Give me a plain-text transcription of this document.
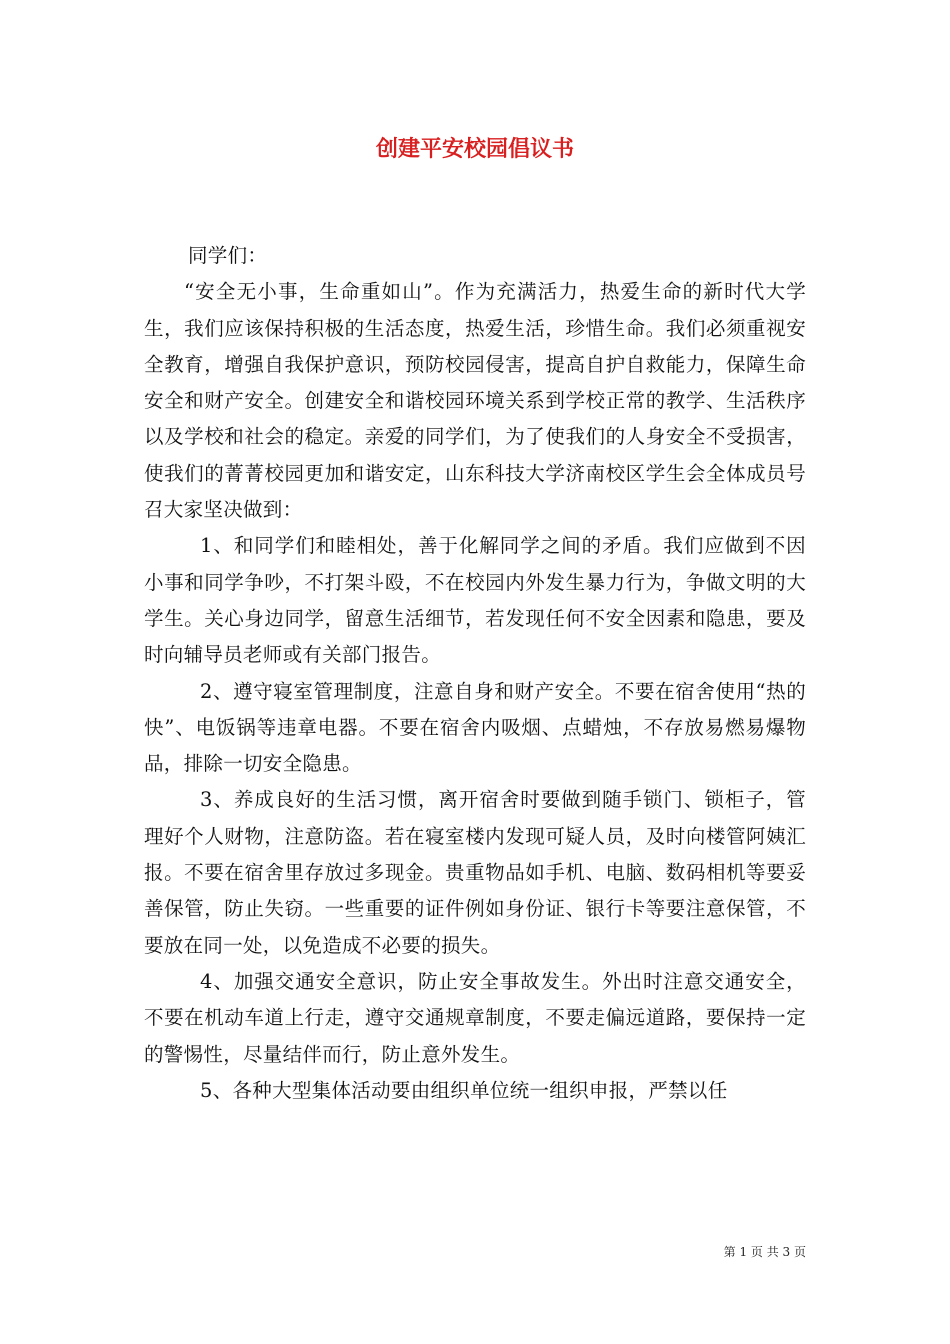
创建平安校园倡议书

同学们：

“安全无小事，生命重如山”。作为充满活力，热爱生命的新时代大学生，我们应该保持积极的生活态度，热爱生活，珍惜生命。我们必须重视安全教育，增强自我保护意识，预防校园侵害，提高自护自救能力，保障生命安全和财产安全。创建安全和谐校园环境关系到学校正常的教学、生活秩序以及学校和社会的稳定。亲爱的同学们，为了使我们的人身安全不受损害，使我们的菁菁校园更加和谐安定，山东科技大学济南校区学生会全体成员号召大家坚决做到：

1、和同学们和睦相处，善于化解同学之间的矛盾。我们应做到不因小事和同学争吵，不打架斗殴，不在校园内外发生暴力行为，争做文明的大学生。关心身边同学，留意生活细节，若发现任何不安全因素和隐患，要及时向辅导员老师或有关部门报告。

2、遵守寝室管理制度，注意自身和财产安全。不要在宿舍使用“热的快”、电饭锅等违章电器。不要在宿舍内吸烟、点蜡烛，不存放易燃易爆物品，排除一切安全隐患。

3、养成良好的生活习惯，离开宿舍时要做到随手锁门、锁柜子，管理好个人财物，注意防盗。若在寝室楼内发现可疑人员，及时向楼管阿姨汇报。不要在宿舍里存放过多现金。贵重物品如手机、电脑、数码相机等要妥善保管，防止失窃。一些重要的证件例如身份证、银行卡等要注意保管，不要放在同一处，以免造成不必要的损失。

4、加强交通安全意识，防止安全事故发生。外出时注意交通安全，不要在机动车道上行走，遵守交通规章制度，不要走偏远道路，要保持一定的警惕性，尽量结伴而行，防止意外发生。

5、各种大型集体活动要由组织单位统一组织申报，严禁以任

第 1 页 共 3 页
